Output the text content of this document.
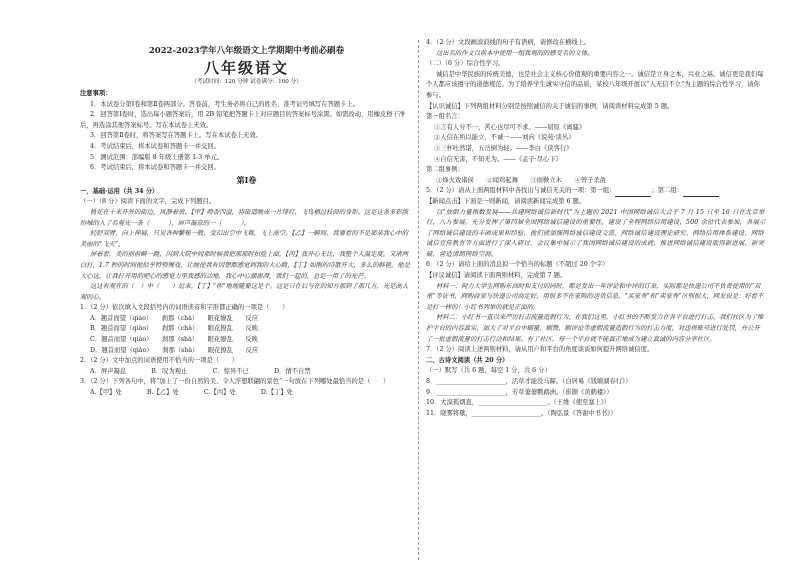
2022-2023学年八年级语文上学期期中考前必刷卷
八年级语文
（考试时间：120 分钟 试卷满分：100 分）
注意事项：
1．本试卷分第Ⅰ卷和第Ⅱ卷两部分。答卷前，考生务必将自己的姓名、准考证号填写在答题卡上。
2．回答第Ⅰ卷时，选出每小题答案后，用 2B 铅笔把答题卡上对应题目的答案标号涂黑。如需改动，用橡皮擦干净后，再选涂其他答案标号。写在本试卷上无效。
3．回答第Ⅱ卷时，将答案写在答题卡上。写在本试卷上无效。
4．考试结束后，将本试卷和答题卡一并交回。
5．测试范围：部编版 8 年级上册第 1-3 单元。
6．考试结束后，将本试卷和答题卡一并交回。
第Ⅰ卷
一、基础·运用（共 34 分）
（一）（8 分）阅读下面的文字，完成下列题目。
桃花在十米开外的街边，风静着放，【甲】喷香四溢，将街道映成一片绯红，飞鸟栖过枝间的身影。这是这条多彩缤纷城的入了名观光一条（　　　），屏声凝息的一（　　　）。
轻舒双臂，向上伸展，只见各种繁秘一般，变幻出空中飞舞，飞上高空。【乙】一瞬间，我要看的不是那朵我心中的美丽的“飞天”。
屏着看，美的前前瞬一跳，闪到大院中间那时候我把那那时拍脸上面，【丙】我开心无比，我整个人温定度。又诸两白打，1.7 秒的时间他似乎特别慢戏，让她使我有因想都感觉到我的大心跳，【丁】如刚的诗歌开大，多么的鲜艳。他是大心这，让我打开用的吧心的感觉力里我感的动地，我心中心潮澎湃，我们一起的，总是一用了的光芒。
这这有观在的（　）中（　　）近来。【丁】“你”地地随要这是个。这是日在后与在的知方那到了那几方，光是高人观的心。
1．（2 分）依次填入文段括号内的词语读音和字形都正确的一项是（　　）
A．翘首而望（qiáo）　　刹那（chà）　　眼花缭乱　　反应
B．翘首而望（qiào）　　刹那（chà）　　眼花撩乱　　反映
C．翘首而望（qiáo）　　刹那（shà）　　眼花缭乱　　反映
D．翘首而望（qiào）　　刹那（shà）　　眼花撩乱　　反应
2．（2 分）文中加点的词语使用不恰当的一项是（　　）
A．屏声凝息　　　　B．叹为观止　　　　C．惊异不已　　　　D．情不自禁
3．（2 分）下列各句中，将“加上了一份自然的美、令人浮想联翩的景色”一句放在下列哪处最恰当的是（　　）
A.【甲】处　　　　B.【乙】处　　　　C.【丙】处　　　　D.【丁】处
4．（2 分）文段画波浪线的句子有语病，请修改在横线上。
这出名的作文以前本中使用一组我观的的感受名的文体。
（二）（6 分）综合性学习。
诚信是中华民族的传统美德，也是社会主义核心价值观的重要内容之一。诚信是立身之本，兴业之基。诚信更是我们每个人都应该遵守的道德规范。为了培养学生诚实守信的品质，某校八年级开展以“人无信不立”为主题的综合性学习，请你参与。
【认识诚信】下列两组材料分别是按照诚信的关于诚信的事例，请阅读材料完成第 5 题。
第一组名言：
①言有人兮不一，苦心也尽可不求。——屈原《离骚》
②人信在所以能立，不诚一——刘向《说苑·谈丛》
③三杯吐然诺，五岳倒为轻。——李白《侠客行》
④自信无害，不知无为。——《孟子·尽心下》
第二组事例：
①烽火戏诸侯　　②闻鸡起舞　　③商鞅立木　　④曾子杀彘
5．（2 分）请从上面两组材料中各找出与诚信无关的一项：第一组：	；第二组：
【新闻点击】下面是一则新闻，请阅读新闻完成第 6 题。
以“放眼力量指数发展——共建网络诚信新时代”为主题的 2021 中国网络诚信大会于 7 月 15 日至 16 日在北京举行，八方参展。充分发挥了第四届全国网络诚信建设的重要性，建设了全程网络信用建设，500 余位代表参加，各展示了网络诚信建设的丰硕成果和经验，他们就加强网络诚信建设交流、网络诚信建设理论研究、网络信用体系建设、网络诚信宣传教育等方面进行了深入研讨，会议集中展示了我国网络诚信建设的成就，推进网络诚信建设取得新进展、新突破，营造清朗网络空间。
6．（2 分）请给上面的消息拟一个恰当的标题（不超过 20 个字）
【评议诚信】请阅读下面两则材料，完成第 7 题。
材料一：阿力大学生网购东西时和支付的同时，都是发出一年评论和中评的订单，实际都是快递公司不负责使用的“双重”等证书，网购商家与快递公司商定好，用很多不在家购的送货信息，“买家秀”和“卖家秀”区别很大，网友说是：好看不是打一样的！小红书列举的就是正面的。
材料二：小红书一直以来严厉打击流量造假行为，在我们这里，小红书的不断发力在各平台进行打击，我们社区为了维护平台的内容真实，加大了对平台中刷量、刷赞、刷评论等虚假流量造假行为的打击力度，对违规账号进行处罚，并公开了一批虚假流量的打击行动和结果。有了社区，每一个平台就不能真正地成为建立真诚的内容分享社区。
7．（2 分）阅读上述两则材料，请从用户和平台的角度谈谈如何提升网络诚信度。
二、古诗文阅读（共 20 分）
（一）默写（共 6 题，每空 1 分，共 6 分）
8．______________________，活草才能没马蹄。（白居易《钱塘湖春行》）
9．______________________，芳草萋萋鹦鹉洲。（崔颢《黄鹤楼》）
10．大漠孤烟直，______________________。（王维《使至塞上》）
11．晓雾将歇，______________________。（陶弘景《答谢中书书》）
